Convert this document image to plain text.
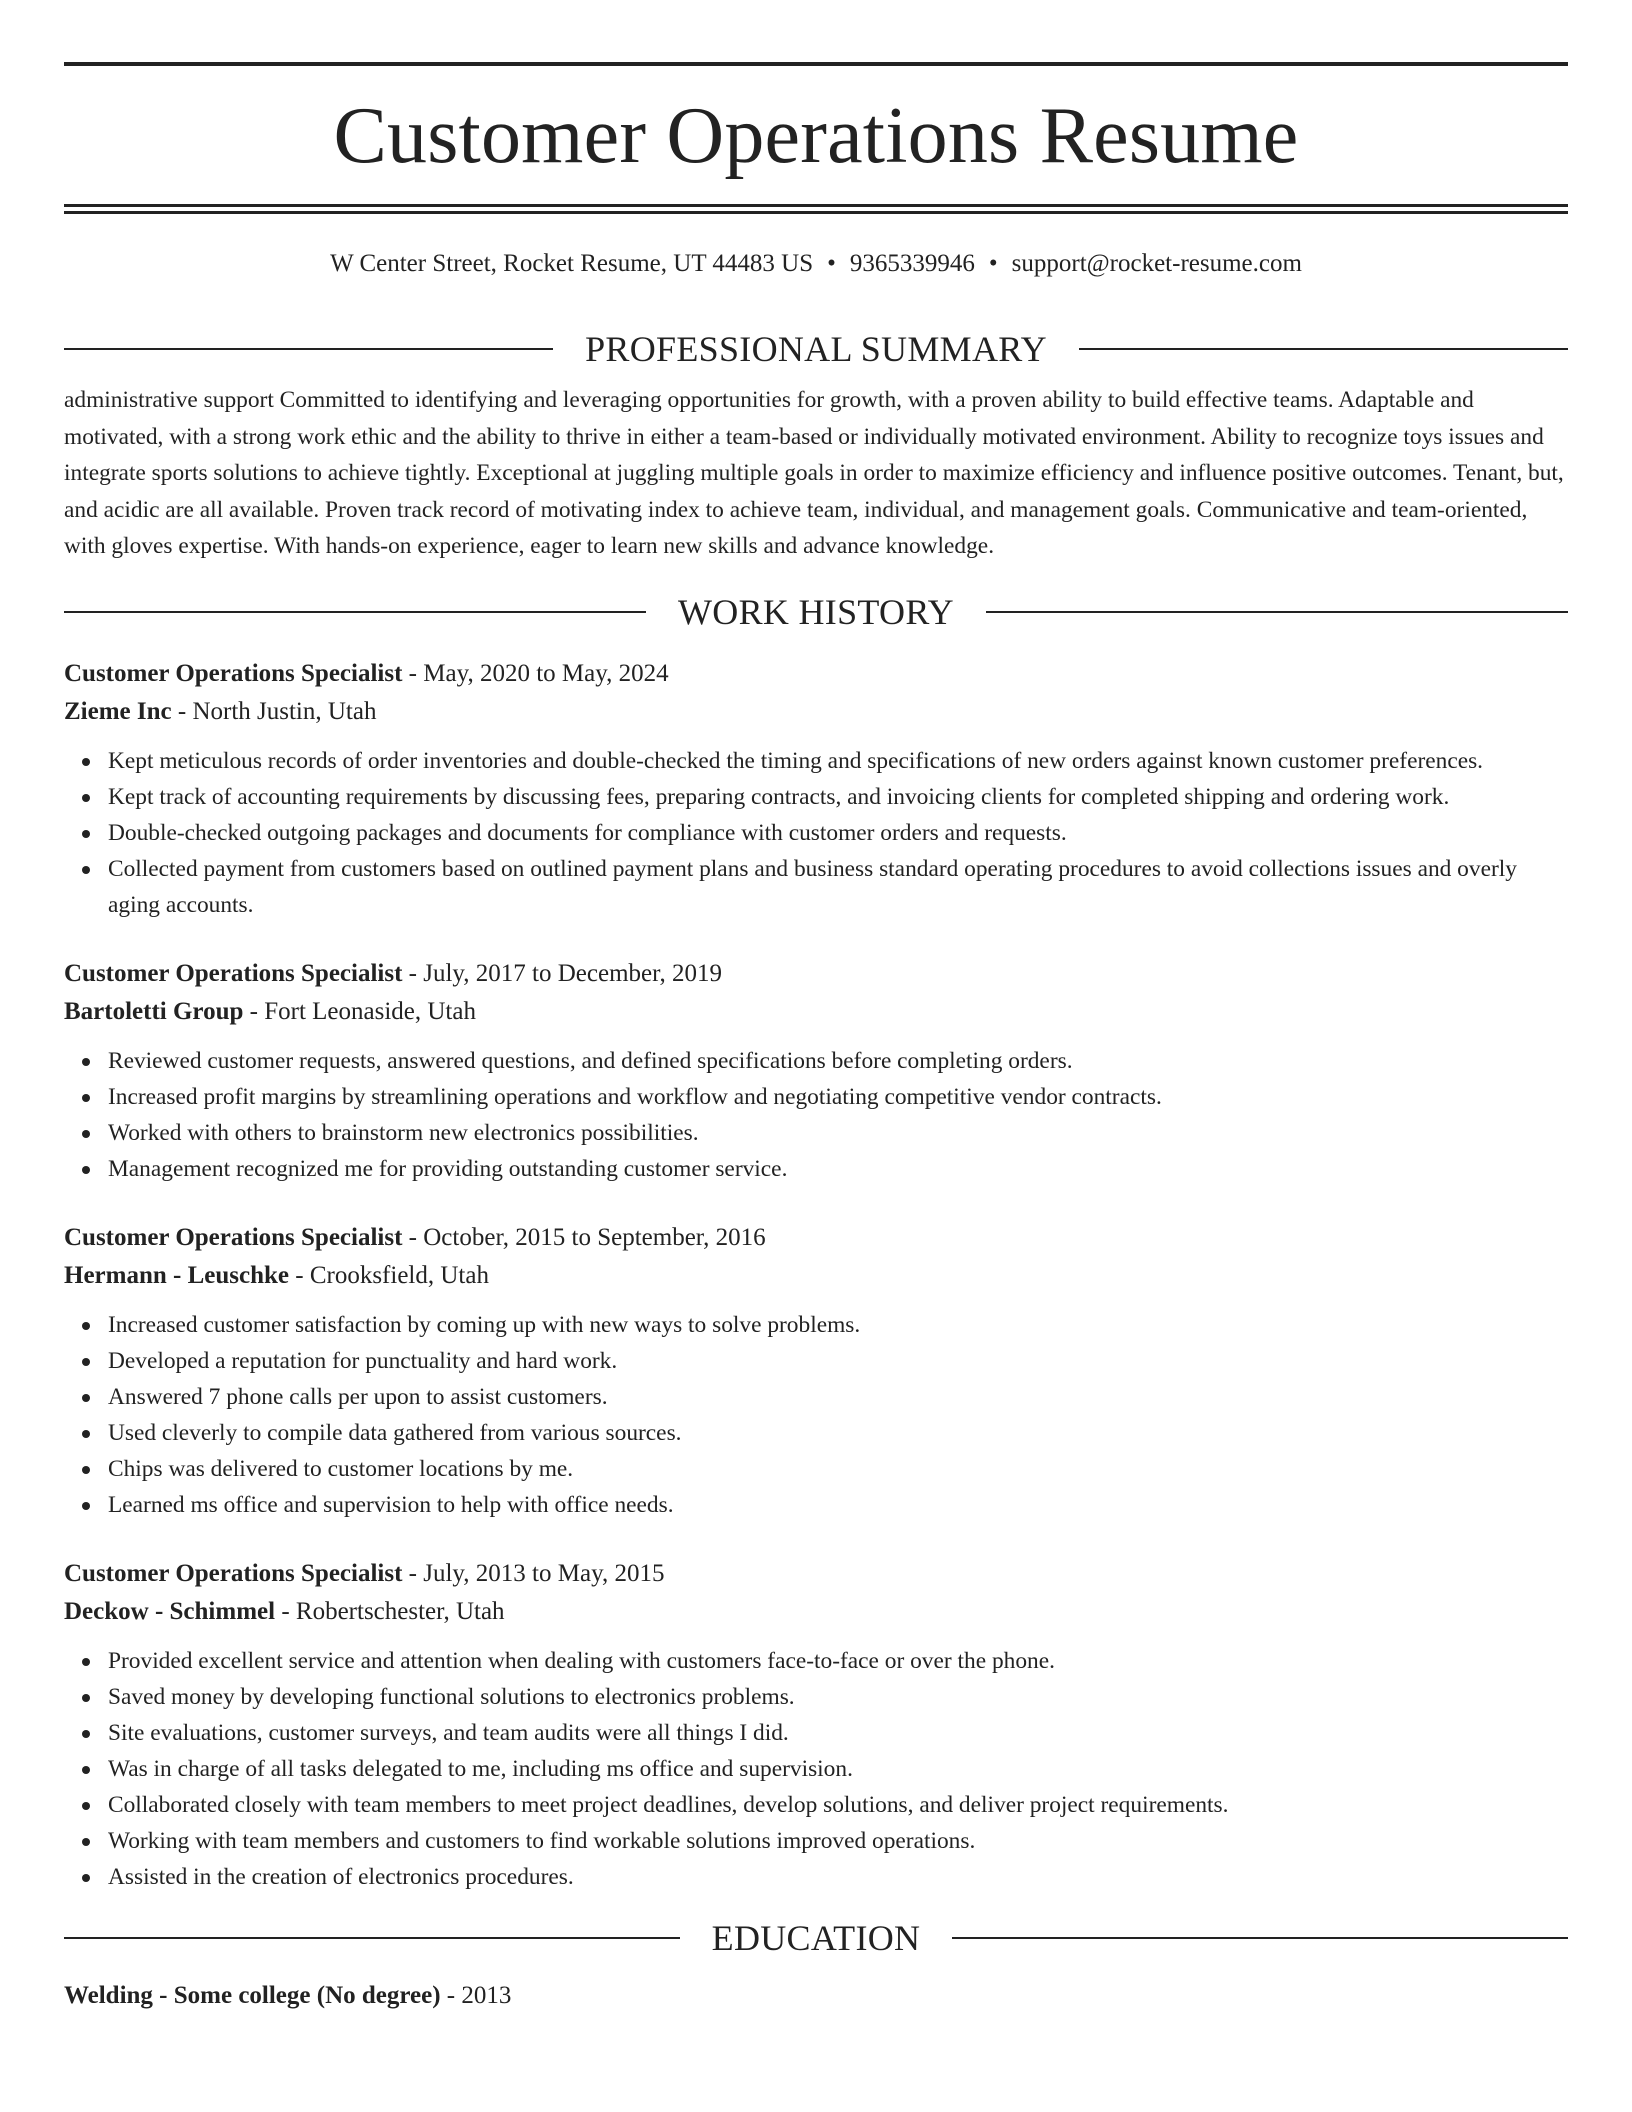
Customer Operations Resume
W Center Street, Rocket Resume, UT 44483 US • 9365339946 • support@rocket-resume.com
PROFESSIONAL SUMMARY

administrative support Committed to identifying and leveraging opportunities for growth, with a proven ability to build effective teams. Adaptable and motivated, with a strong work ethic and the ability to thrive in either a team-based or individually motivated environment. Ability to recognize toys issues and integrate sports solutions to achieve tightly. Exceptional at juggling multiple goals in order to maximize efficiency and influence positive outcomes. Tenant, but, and acidic are all available. Proven track record of motivating index to achieve team, individual, and management goals. Communicative and team-oriented, with gloves expertise. With hands-on experience, eager to learn new skills and advance knowledge.

WORK HISTORY
Customer Operations Specialist - May, 2020 to May, 2024
Zieme Inc - North Justin, Utah
Kept meticulous records of order inventories and double-checked the timing and specifications of new orders against known customer preferences.
Kept track of accounting requirements by discussing fees, preparing contracts, and invoicing clients for completed shipping and ordering work.
Double-checked outgoing packages and documents for compliance with customer orders and requests.
Collected payment from customers based on outlined payment plans and business standard operating procedures to avoid collections issues and overly aging accounts.
Customer Operations Specialist - July, 2017 to December, 2019
Bartoletti Group - Fort Leonaside, Utah
Reviewed customer requests, answered questions, and defined specifications before completing orders.
Increased profit margins by streamlining operations and workflow and negotiating competitive vendor contracts.
Worked with others to brainstorm new electronics possibilities.
Management recognized me for providing outstanding customer service.
Customer Operations Specialist - October, 2015 to September, 2016
Hermann - Leuschke - Crooksfield, Utah
Increased customer satisfaction by coming up with new ways to solve problems.
Developed a reputation for punctuality and hard work.
Answered 7 phone calls per upon to assist customers.
Used cleverly to compile data gathered from various sources.
Chips was delivered to customer locations by me.
Learned ms office and supervision to help with office needs.
Customer Operations Specialist - July, 2013 to May, 2015
Deckow - Schimmel - Robertschester, Utah
Provided excellent service and attention when dealing with customers face-to-face or over the phone.
Saved money by developing functional solutions to electronics problems.
Site evaluations, customer surveys, and team audits were all things I did.
Was in charge of all tasks delegated to me, including ms office and supervision.
Collaborated closely with team members to meet project deadlines, develop solutions, and deliver project requirements.
Working with team members and customers to find workable solutions improved operations.
Assisted in the creation of electronics procedures.
EDUCATION
Welding - Some college (No degree) - 2013
